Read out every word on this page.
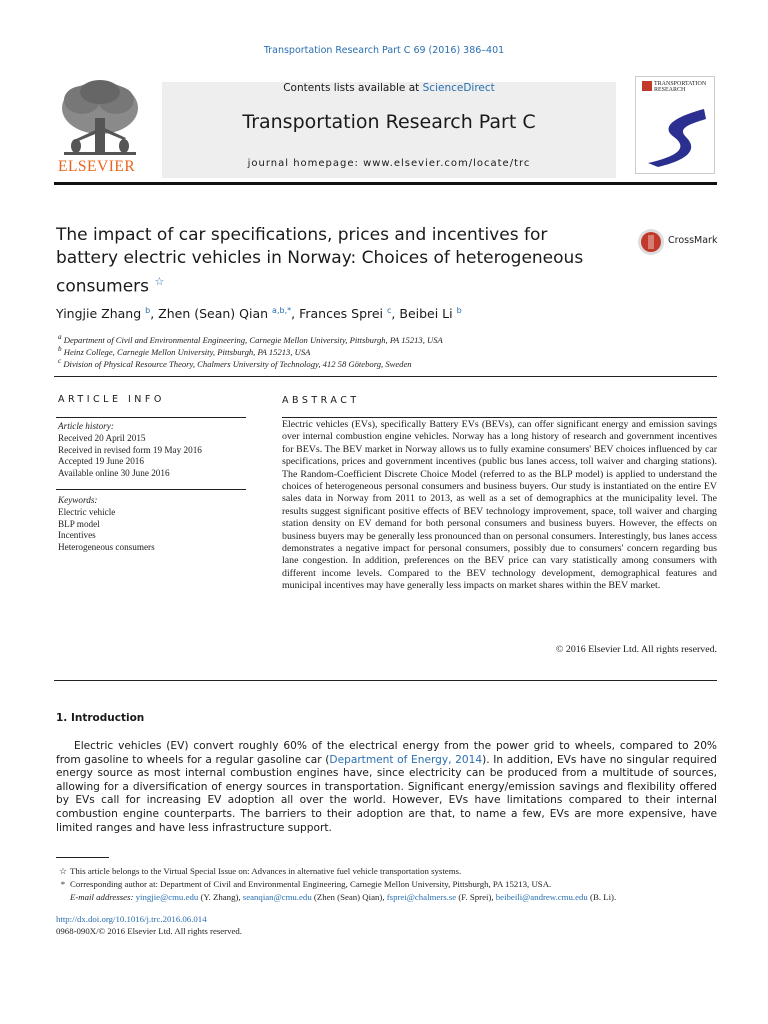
Transportation Research Part C 69 (2016) 386–401
ELSEVIER
Contents lists available at ScienceDirect
Transportation Research Part C
journal homepage: www.elsevier.com/locate/trc
TRANSPORTATION
RESEARCH
The impact of car specifications, prices and incentives for
battery electric vehicles in Norway: Choices of heterogeneous
consumers ☆
CrossMark
Yingjie Zhang $^b$, Zhen (Sean) Qian $^{a,b,*}$, Frances Sprei $^c$, Beibei Li $^b$
$^a$ Department of Civil and Environmental Engineering, Carnegie Mellon University, Pittsburgh, PA 15213, USA
$^b$ Heinz College, Carnegie Mellon University, Pittsburgh, PA 15213, USA
$^c$ Division of Physical Resource Theory, Chalmers University of Technology, 412 58 Göteborg, Sweden
ARTICLE INFO	ABSTRACT
Article history:
Received 20 April 2015
Received in revised form 19 May 2016
Accepted 19 June 2016
Available online 30 June 2016
Keywords:
Electric vehicle
BLP model
Incentives
Heterogeneous consumers
Electric vehicles (EVs), specifically Battery EVs (BEVs), can offer significant energy and emission savings over internal combustion engine vehicles. Norway has a long history of research and government incentives for BEVs. The BEV market in Norway allows us to fully examine consumers' BEV choices influenced by car specifications, prices and government incentives (public bus lanes access, toll waiver and charging stations). The Random-Coefficient Discrete Choice Model (referred to as the BLP model) is applied to understand the choices of heterogeneous personal consumers and business buyers. Our study is instantiated on the entire EV sales data in Norway from 2011 to 2013, as well as a set of demographics at the municipality level. The results suggest significant positive effects of BEV technology improvement, space, toll waiver and charging station density on EV demand for both personal consumers and business buyers. However, the effects on business buyers may be generally less pronounced than on personal consumers. Interestingly, bus lanes access demonstrates a negative impact for personal consumers, possibly due to consumers' concern regarding bus lane congestion. In addition, preferences on the BEV price can vary statistically among consumers with different income levels. Compared to the BEV technology development, demographical features and municipal incentives may have generally less impacts on market shares within the BEV market.
© 2016 Elsevier Ltd. All rights reserved.
1. Introduction
Electric vehicles (EV) convert roughly 60% of the electrical energy from the power grid to wheels, compared to 20% from gasoline to wheels for a regular gasoline car (Department of Energy, 2014). In addition, EVs have no singular required energy source as most internal combustion engines have, since electricity can be produced from a multitude of sources, allowing for a diversification of energy sources in transportation. Significant energy/emission savings and flexibility offered by EVs call for increasing EV adoption all over the world. However, EVs have limitations compared to their internal combustion engine counterparts. The barriers to their adoption are that, to name a few, EVs are more expensive, have limited ranges and have less infrastructure support.
☆ This article belongs to the Virtual Special Issue on: Advances in alternative fuel vehicle transportation systems.
* Corresponding author at: Department of Civil and Environmental Engineering, Carnegie Mellon University, Pittsburgh, PA 15213, USA.
E-mail addresses: yingjie@cmu.edu (Y. Zhang), seanqian@cmu.edu (Zhen (Sean) Qian), fsprei@chalmers.se (F. Sprei), beibeili@andrew.cmu.edu (B. Li).
http://dx.doi.org/10.1016/j.trc.2016.06.014
0968-090X/© 2016 Elsevier Ltd. All rights reserved.
